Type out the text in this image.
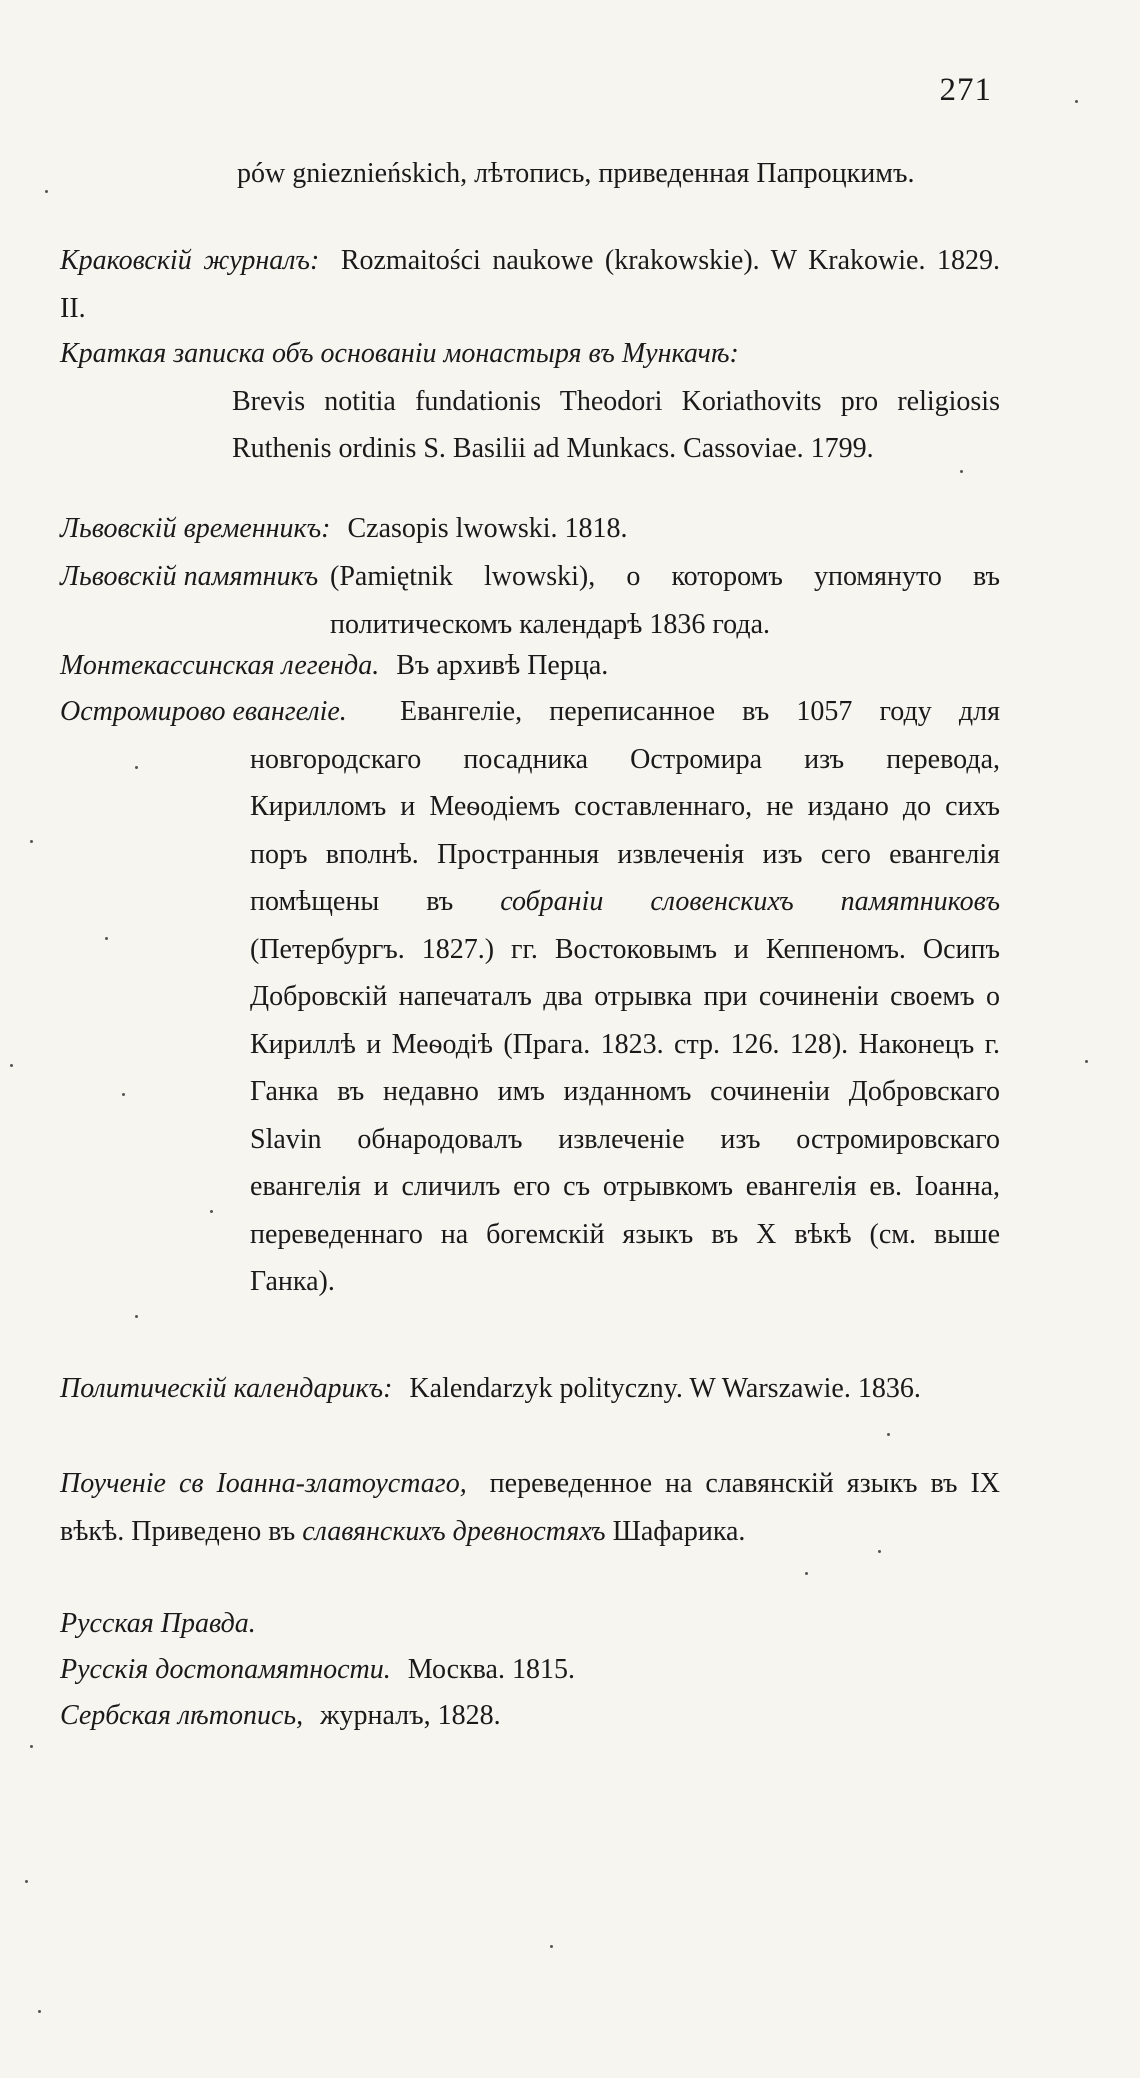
271
pów gnieznieńskich, лѣтопись, приведенная Папроцкимъ.
Краковскій журналъ: Rozmaitości naukowe (krakowskie). W Krakowie. 1829. II.
Краткая записка объ основаніи монастыря въ Мункачѣ:
Brevis notitia fundationis Theodori Koriathovits pro religiosis Ruthenis ordinis S. Basilii ad Munkacs. Cassoviae. 1799.
Львовскій временникъ: Czasopis lwowski. 1818.
Львовскій памятникъ (Pamiętnik lwowski), о которомъ упомянуто въ политическомъ календарѣ 1836 года.
Монтекассинская легенда. Въ архивѣ Перца.
Остромирово евангеліе.	Евангеліе, переписанное въ 1057 году для новгородскаго посадника Остромира изъ перевода, Кирилломъ и Меѳодіемъ составленнаго, не издано до сихъ поръ вполнѣ. Пространныя извлеченія изъ сего евангелія помѣщены въ собраніи словенскихъ памятниковъ (Петербургъ. 1827.) гг. Востоковымъ и Кеппеномъ. Осипъ Добровскій напечаталъ два отрывка при сочиненіи своемъ о Кириллѣ и Меѳодіѣ (Прага. 1823. стр. 126. 128). Наконецъ г. Ганка въ недавно имъ изданномъ сочиненіи Добровскаго Slavin обнародовалъ извлеченіе изъ остромировскаго евангелія и сличилъ его съ отрывкомъ евангелія ев. Іоанна, переведеннаго на богемскій языкъ въ X вѣкѣ (см. выше Ганка).
Политическій календарикъ: Kalendarzyk polityczny. W Warszawie. 1836.
Поученіе св Іоанна-златоустаго, переведенное на славянскій языкъ въ IX вѣкѣ. Приведено въ славянскихъ древностяхъ Шафарика.
Русская Правда.
Русскія достопамятности. Москва. 1815.
Сербская лѣтопись, журналъ, 1828.
